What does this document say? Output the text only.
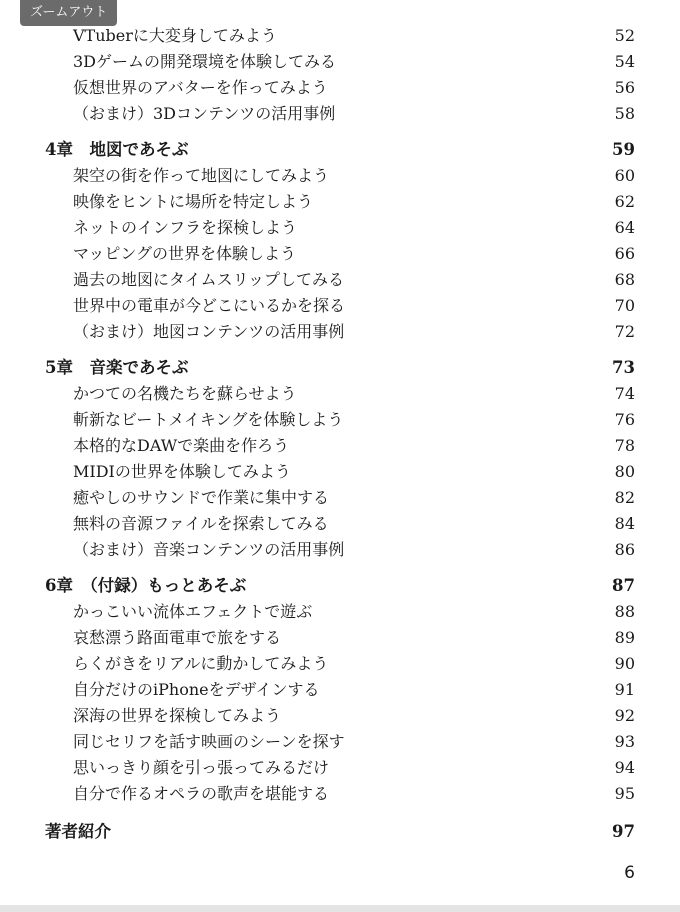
ズームアウト
VTuberに大変身してみよう	52
3Dゲームの開発環境を体験してみる	54
仮想世界のアバターを作ってみよう	56
（おまけ）3Dコンテンツの活用事例	58
4章　地図であそぶ	59
架空の街を作って地図にしてみよう	60
映像をヒントに場所を特定しよう	62
ネットのインフラを探検しよう	64
マッピングの世界を体験しよう	66
過去の地図にタイムスリップしてみる	68
世界中の電車が今どこにいるかを探る	70
（おまけ）地図コンテンツの活用事例	72
5章　音楽であそぶ	73
かつての名機たちを蘇らせよう	74
斬新なビートメイキングを体験しよう	76
本格的なDAWで楽曲を作ろう	78
MIDIの世界を体験してみよう	80
癒やしのサウンドで作業に集中する	82
無料の音源ファイルを探索してみる	84
（おまけ）音楽コンテンツの活用事例	86
6章　（付録）もっとあそぶ	87
かっこいい流体エフェクトで遊ぶ	88
哀愁漂う路面電車で旅をする	89
らくがきをリアルに動かしてみよう	90
自分だけのiPhoneをデザインする	91
深海の世界を探検してみよう	92
同じセリフを話す映画のシーンを探す	93
思いっきり顔を引っ張ってみるだけ	94
自分で作るオペラの歌声を堪能する	95
著者紹介	97
6
